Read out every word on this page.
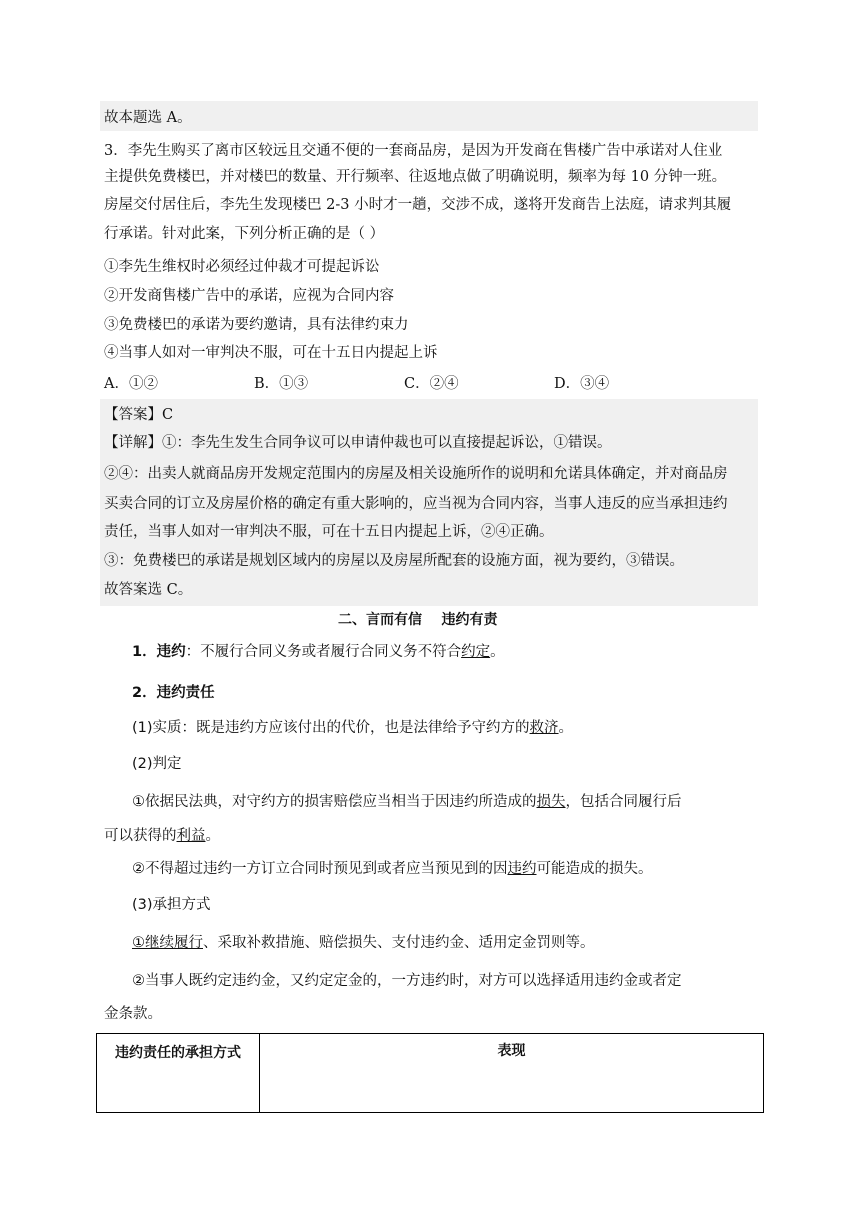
故本题选 A。
3．李先生购买了离市区较远且交通不便的一套商品房，是因为开发商在售楼广告中承诺对人住业
主提供免费楼巴，并对楼巴的数量、开行频率、往返地点做了明确说明，频率为每 10 分钟一班。
房屋交付居住后，李先生发现楼巴 2-3 小时才一趟，交涉不成，遂将开发商告上法庭，请求判其履
行承诺。针对此案，下列分析正确的是（ ）
①李先生维权时必须经过仲裁才可提起诉讼
②开发商售楼广告中的承诺，应视为合同内容
③免费楼巴的承诺为要约邀请，具有法律约束力
④当事人如对一审判决不服，可在十五日内提起上诉
A．①②	B．①③	C．②④	D．③④
【答案】C
【详解】①：李先生发生合同争议可以申请仲裁也可以直接提起诉讼，①错误。
②④：出卖人就商品房开发规定范围内的房屋及相关设施所作的说明和允诺具体确定，并对商品房
买卖合同的订立及房屋价格的确定有重大影响的，应当视为合同内容，当事人违反的应当承担违约
责任，当事人如对一审判决不服，可在十五日内提起上诉，②④正确。
③：免费楼巴的承诺是规划区域内的房屋以及房屋所配套的设施方面，视为要约，③错误。
故答案选 C。
二、言而有信    违约有责
1．违约：不履行合同义务或者履行合同义务不符合约定。
2．违约责任
(1)实质：既是违约方应该付出的代价，也是法律给予守约方的救济。
(2)判定
①依据民法典，对守约方的损害赔偿应当相当于因违约所造成的损失，包括合同履行后
可以获得的利益。
②不得超过违约一方订立合同时预见到或者应当预见到的因违约可能造成的损失。
(3)承担方式
①继续履行、采取补救措施、赔偿损失、支付违约金、适用定金罚则等。
②当事人既约定违约金，又约定定金的，一方违约时，对方可以选择适用违约金或者定
金条款。
违约责任的承担方式	表现
